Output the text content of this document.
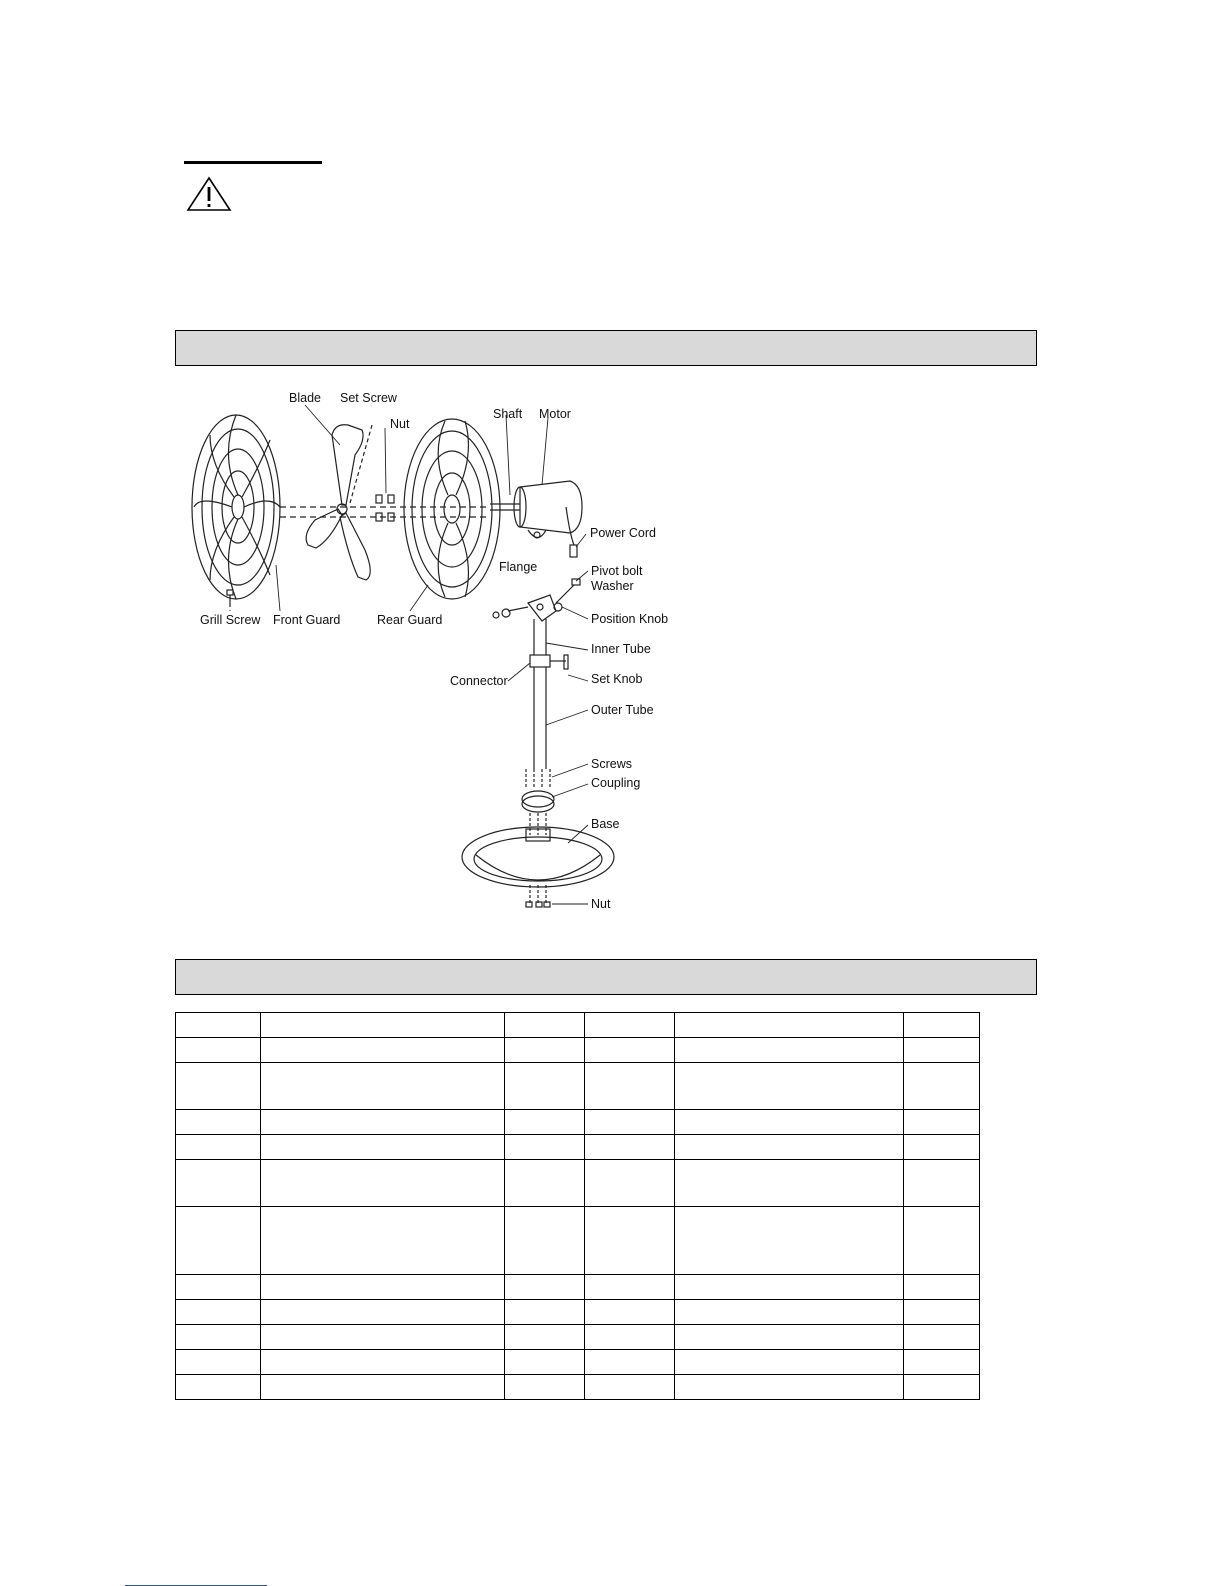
Blade Set Screw
Nut
Shaft Motor
Power Cord
Flange	Pivot bolt
Washer
Position Knob
Inner Tube
Set Knob
Connector
Outer Tube
Screws
Coupling
Base
Nut
Grill Screw Front Guard	Rear Guard
